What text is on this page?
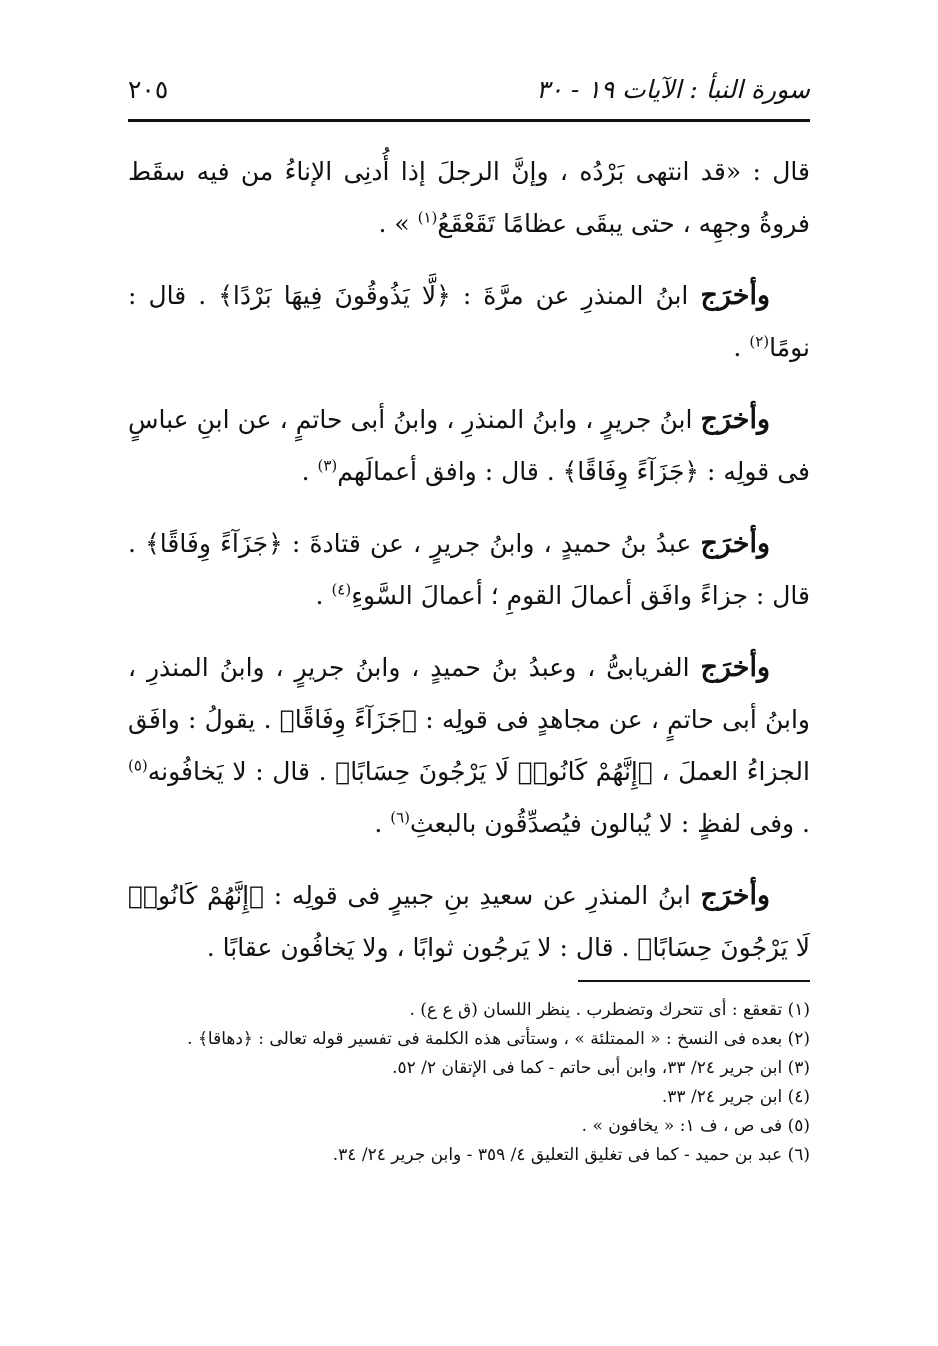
سورة النبأ : الآيات ١٩ - ٣٠
٢٠٥

قال : «قد انتهى بَرْدُه ، وإنَّ الرجلَ إذا أُدنِى الإناءُ من فيه سقَط فروةُ وجهِه ، حتى يبقَى عظامًا تَقَعْقَعُ$^{(١)}$ » .

وأخرَج ابنُ المنذرِ عن مرَّةَ : ﴿لَّا يَذُوقُونَ فِيهَا بَرْدًا﴾ . قال : نومًا$^{(٢)}$ .

وأخرَج ابنُ جريرٍ ، وابنُ المنذرِ ، وابنُ أبى حاتمٍ ، عن ابنِ عباسٍ فى قولِه : ﴿جَزَآءً وِفَاقًا﴾ . قال : وافق أعمالَهم$^{(٣)}$ .

وأخرَج عبدُ بنُ حميدٍ ، وابنُ جريرٍ ، عن قتادةَ : ﴿جَزَآءً وِفَاقًا﴾ . قال : جزاءً وافَق أعمالَ القومِ ؛ أعمالَ السَّوءِ$^{(٤)}$ .

وأخرَج الفريابىُّ ، وعبدُ بنُ حميدٍ ، وابنُ جريرٍ ، وابنُ المنذرِ ، وابنُ أبى حاتمٍ ، عن مجاهدٍ فى قولِه : ﴿جَزَآءً وِفَاقًا﴾ . يقولُ : وافَق الجزاءُ العملَ ، ﴿إِنَّهُمْ كَانُوا۟ لَا يَرْجُونَ حِسَابًا﴾ . قال : لا يَخافُونه$^{(٥)}$ . وفى لفظٍ : لا يُبالون فيُصدِّقُون بالبعثِ$^{(٦)}$ .

وأخرَج ابنُ المنذرِ عن سعيدِ بنِ جبيرٍ فى قولِه : ﴿إِنَّهُمْ كَانُوا۟ لَا يَرْجُونَ حِسَابًا﴾ . قال : لا يَرجُون ثوابًا ، ولا يَخافُون عقابًا .

(١) تقعقع : أى تتحرك وتضطرب . ينظر اللسان (ق ع ع) .

(٢) بعده فى النسخ : « الممتلئة » ، وستأتى هذه الكلمة فى تفسير قوله تعالى : ﴿دهاقا﴾ .

(٣) ابن جرير ٢٤/ ٣٣، وابن أبى حاتم - كما فى الإتقان ٢/ ٥٢.

(٤) ابن جرير ٢٤/ ٣٣.

(٥) فى ص ، ف ١: « يخافون » .

(٦) عبد بن حميد - كما فى تغليق التعليق ٤/ ٣٥٩ - وابن جرير ٢٤/ ٣٤.
